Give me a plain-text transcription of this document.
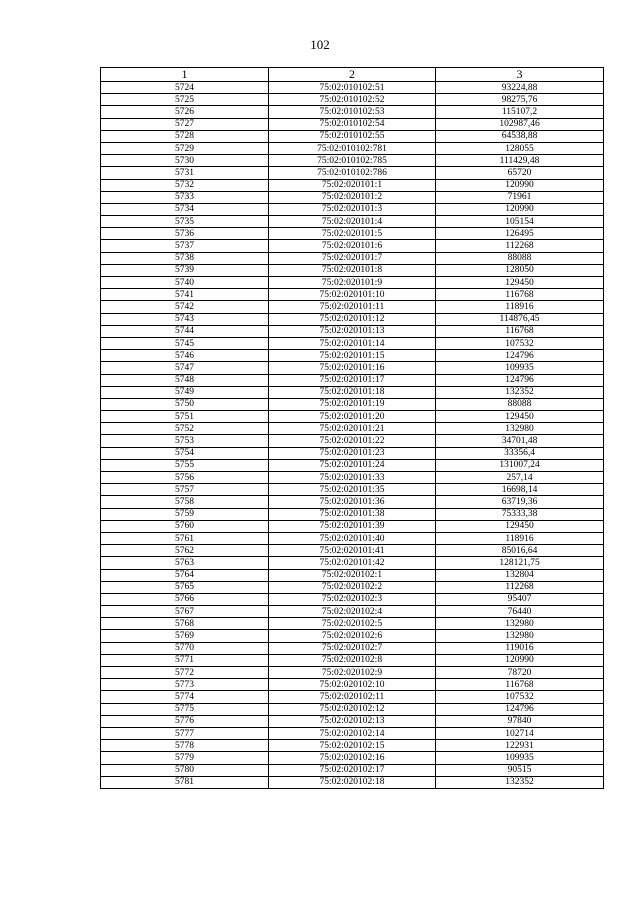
102
1	2	3
5724	75:02:010102:51	93224,88
5725	75:02:010102:52	98275,76
5726	75:02:010102:53	115107,2
5727	75:02:010102:54	102987,46
5728	75:02:010102:55	64538,88
5729	75:02:010102:781	128055
5730	75:02:010102:785	111429,48
5731	75:02:010102:786	65720
5732	75:02:020101:1	120990
5733	75:02:020101:2	71961
5734	75:02:020101:3	120990
5735	75:02:020101:4	105154
5736	75:02:020101:5	126495
5737	75:02:020101:6	112268
5738	75:02:020101:7	88088
5739	75:02:020101:8	128050
5740	75:02:020101:9	129450
5741	75:02:020101:10	116768
5742	75:02:020101:11	118916
5743	75:02:020101:12	114876,45
5744	75:02:020101:13	116768
5745	75:02:020101:14	107532
5746	75:02:020101:15	124796
5747	75:02:020101:16	109935
5748	75:02:020101:17	124796
5749	75:02:020101:18	132352
5750	75:02:020101:19	88088
5751	75:02:020101:20	129450
5752	75:02:020101:21	132980
5753	75:02:020101:22	34701,48
5754	75:02:020101:23	33356,4
5755	75:02:020101:24	131007,24
5756	75:02:020101:33	257,14
5757	75:02:020101:35	16698,14
5758	75:02:020101:36	63719,36
5759	75:02:020101:38	75333,38
5760	75:02:020101:39	129450
5761	75:02:020101:40	118916
5762	75:02:020101:41	85016,64
5763	75:02:020101:42	128121,75
5764	75:02:020102:1	132804
5765	75:02:020102:2	112268
5766	75:02:020102:3	95407
5767	75:02:020102:4	76440
5768	75:02:020102:5	132980
5769	75:02:020102:6	132980
5770	75:02:020102:7	119016
5771	75:02:020102:8	120990
5772	75:02:020102:9	78720
5773	75:02:020102:10	116768
5774	75:02:020102:11	107532
5775	75:02:020102:12	124796
5776	75:02:020102:13	97840
5777	75:02:020102:14	102714
5778	75:02:020102:15	122931
5779	75:02:020102:16	109935
5780	75:02:020102:17	90515
5781	75:02:020102:18	132352
